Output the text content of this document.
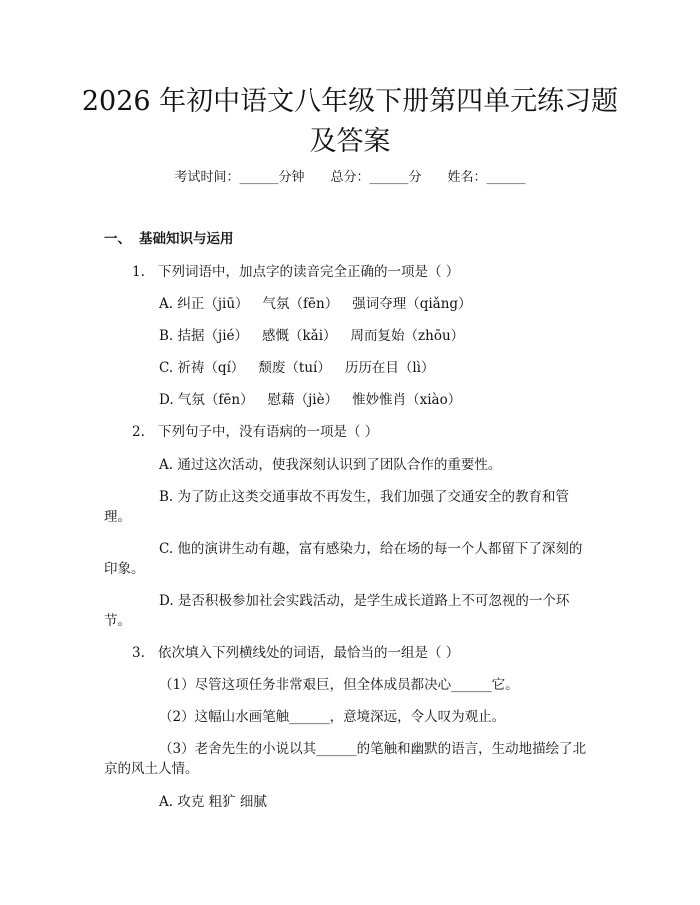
2026 年初中语文八年级下册第四单元练习题
及答案
考试时间：______分钟 总分：______分 姓名：______
一、 基础知识与运用
1. 下列词语中，加点字的读音完全正确的一项是（ ）
A. 纠正（jiū） 气氛（fēn） 强词夺理（qiǎng）
B. 拮据（jié） 感慨（kǎi） 周而复始（zhōu）
C. 祈祷（qí） 颓废（tuí） 历历在目（lì）
D. 气氛（fēn） 慰藉（jiè） 惟妙惟肖（xiào）
2. 下列句子中，没有语病的一项是（ ）
A. 通过这次活动，使我深刻认识到了团队合作的重要性。
B. 为了防止这类交通事故不再发生，我们加强了交通安全的教育和管
理。
C. 他的演讲生动有趣，富有感染力，给在场的每一个人都留下了深刻的
印象。
D. 是否积极参加社会实践活动，是学生成长道路上不可忽视的一个环
节。
3. 依次填入下列横线处的词语，最恰当的一组是（ ）
（1）尽管这项任务非常艰巨，但全体成员都决心______它。
（2）这幅山水画笔触______，意境深远，令人叹为观止。
（3）老舍先生的小说以其______的笔触和幽默的语言，生动地描绘了北
京的风土人情。
A. 攻克 粗犷 细腻
